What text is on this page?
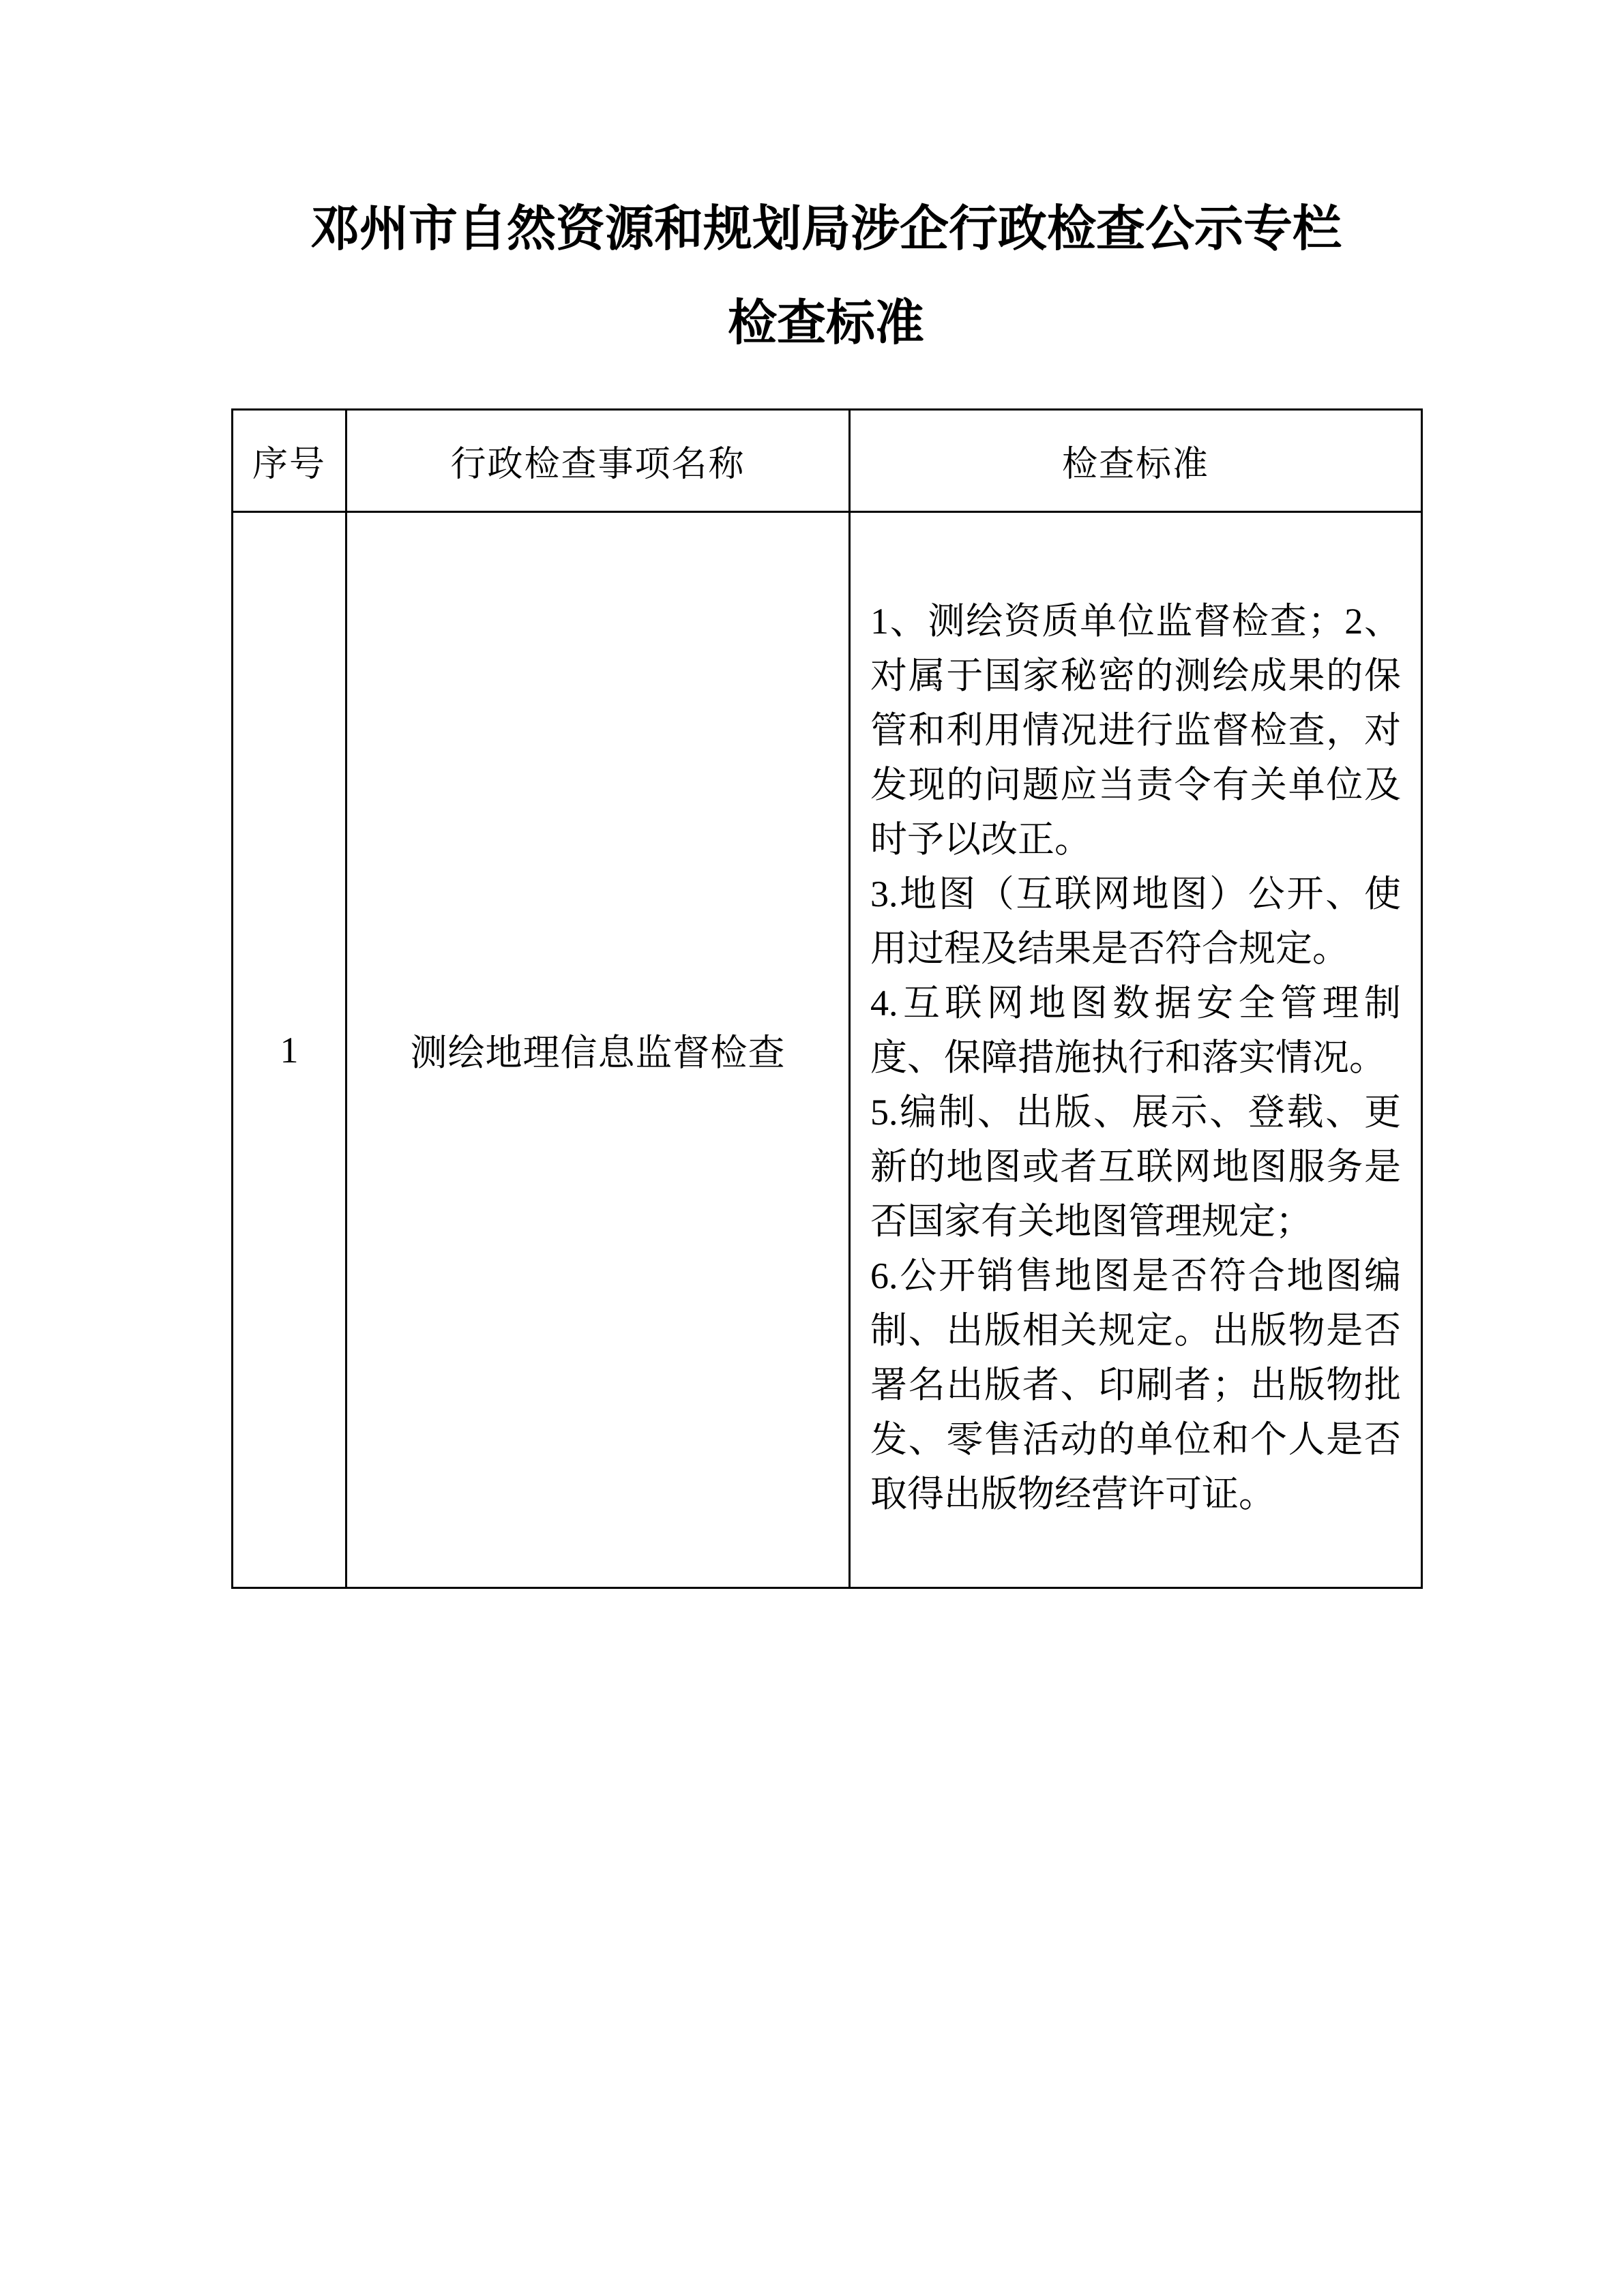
邓州市自然资源和规划局涉企行政检查公示专栏
检查标准
序号	行政检查事项名称	检查标准
1	测绘地理信息监督检查	
1、测绘资质单位监督检查；2、
对属于国家秘密的测绘成果的保
管和利用情况进行监督检查，对
发现的问题应当责令有关单位及
时予以改正。
3.地图（互联网地图）公开、使
用过程及结果是否符合规定。
4.互联网地图数据安全管理制
度、保障措施执行和落实情况。
5.编制、出版、展示、登载、更
新的地图或者互联网地图服务是
否国家有关地图管理规定；
6.公开销售地图是否符合地图编
制、出版相关规定。出版物是否
署名出版者、印刷者；出版物批
发、零售活动的单位和个人是否
取得出版物经营许可证。
